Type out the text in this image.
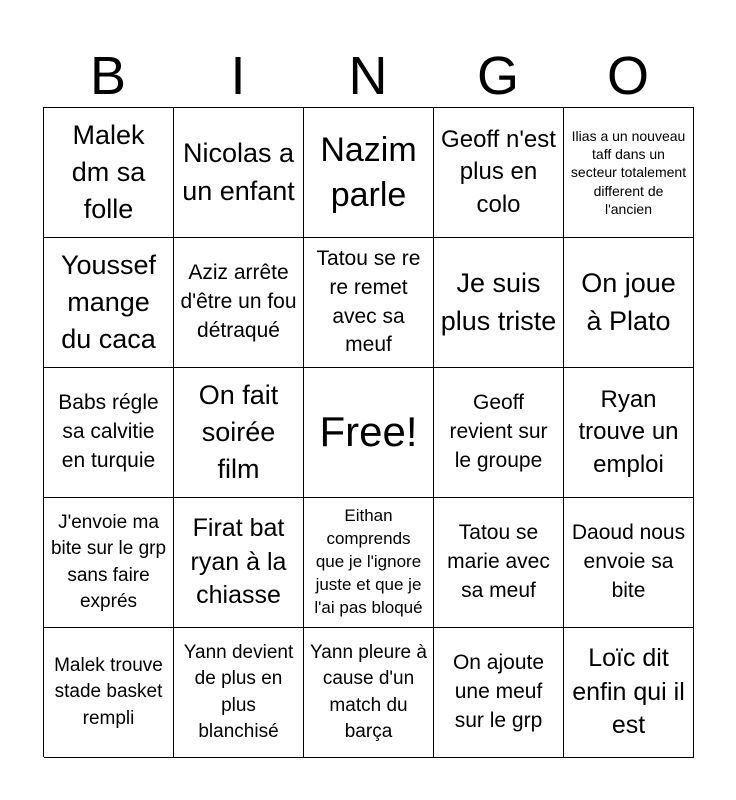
B	I	N	G	O
Malek dm sa folle
Nicolas a un enfant
Nazim parle
Geoff n'est plus en colo
Ilias a un nouveau taff dans un secteur totalement different de l'ancien
Youssef mange du caca
Aziz arrête d'être un fou détraqué
Tatou se re re remet avec sa meuf
Je suis plus triste
On joue à Plato
Babs régle sa calvitie en turquie
On fait soirée film
Free!
Geoff revient sur le groupe
Ryan trouve un emploi
J'envoie ma bite sur le grp sans faire exprés
Firat bat ryan à la chiasse
Eithan comprends que je l'ignore juste et que je l'ai pas bloqué
Tatou se marie avec sa meuf
Daoud nous envoie sa bite
Malek trouve stade basket rempli
Yann devient de plus en plus blanchisé
Yann pleure à cause d'un match du barça
On ajoute une meuf sur le grp
Loïc dit enfin qui il est
